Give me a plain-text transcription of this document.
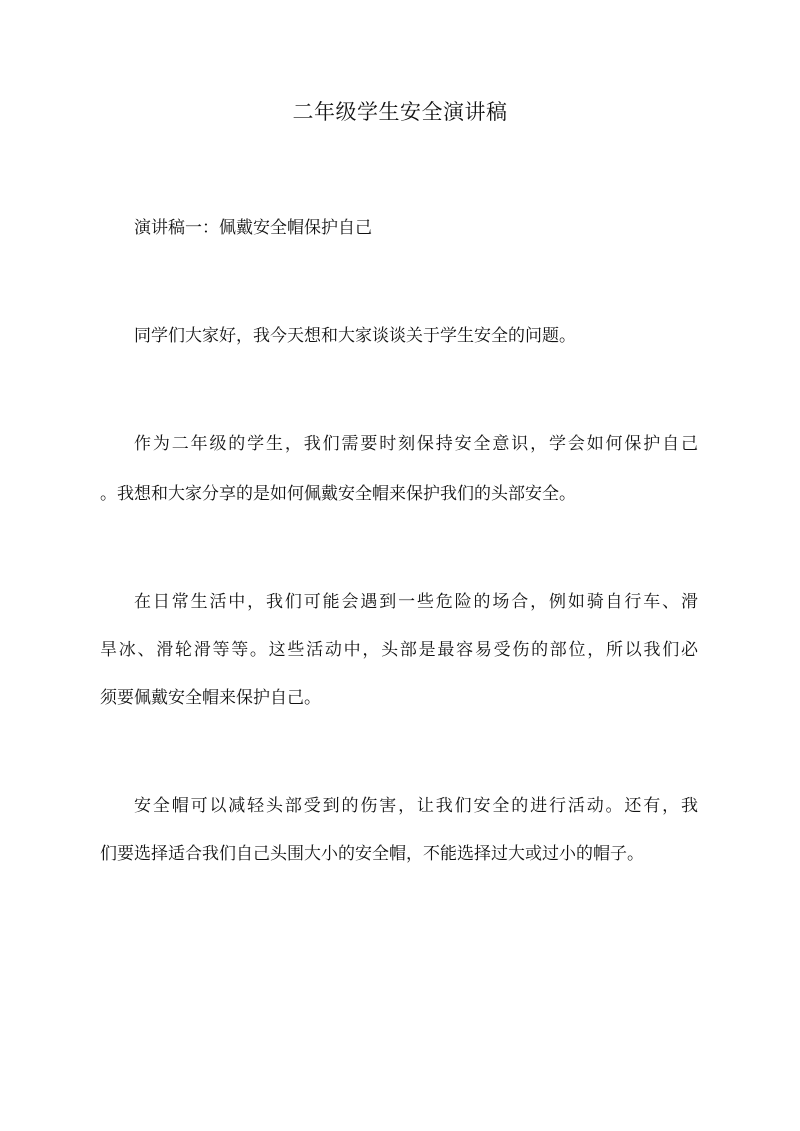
二年级学生安全演讲稿
演讲稿一：佩戴安全帽保护自己
同学们大家好，我今天想和大家谈谈关于学生安全的问题。
作为二年级的学生，我们需要时刻保持安全意识，学会如何保护自己
。我想和大家分享的是如何佩戴安全帽来保护我们的头部安全。
在日常生活中，我们可能会遇到一些危险的场合，例如骑自行车、滑
旱冰、滑轮滑等等。这些活动中，头部是最容易受伤的部位，所以我们必
须要佩戴安全帽来保护自己。
安全帽可以减轻头部受到的伤害，让我们安全的进行活动。还有，我
们要选择适合我们自己头围大小的安全帽，不能选择过大或过小的帽子。
